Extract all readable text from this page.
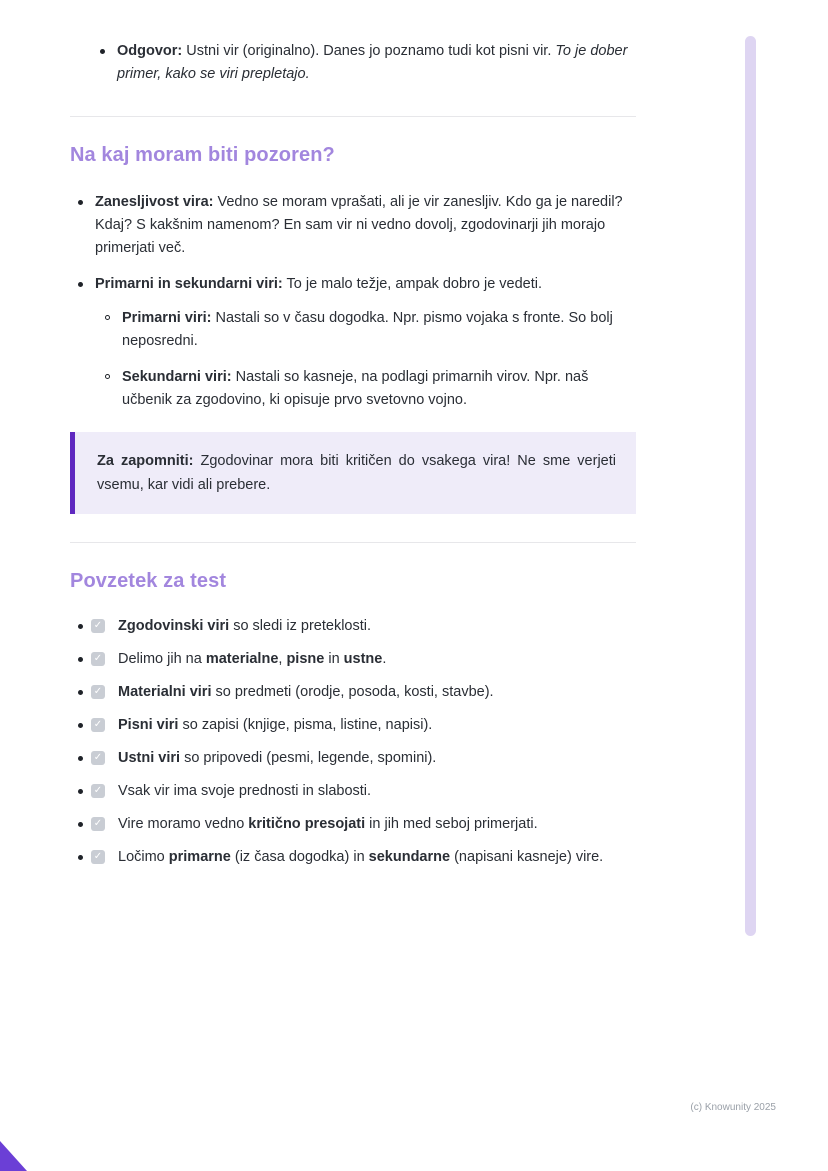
Odgovor: Ustni vir (originalno). Danes jo poznamo tudi kot pisni vir. To je dober primer, kako se viri prepletajo.

Na kaj moram biti pozoren?

Zanesljivost vira: Vedno se moram vprašati, ali je vir zanesljiv. Kdo ga je naredil? Kdaj? S kakšnim namenom? En sam vir ni vedno dovolj, zgodovinarji jih morajo primerjati več.

Primarni in sekundarni viri: To je malo težje, ampak dobro je vedeti.

Primarni viri: Nastali so v času dogodka. Npr. pismo vojaka s fronte. So bolj neposredni.

Sekundarni viri: Nastali so kasneje, na podlagi primarnih virov. Npr. naš učbenik za zgodovino, ki opisuje prvo svetovno vojno.

Za zapomniti: Zgodovinar mora biti kritičen do vsakega vira! Ne sme verjeti vsemu, kar vidi ali prebere.

Povzetek za test
✓ Zgodovinski viri so sledi iz preteklosti.

✓ Delimo jih na materialne, pisne in ustne.

✓ Materialni viri so predmeti (orodje, posoda, kosti, stavbe).

✓ Pisni viri so zapisi (knjige, pisma, listine, napisi).

✓ Ustni viri so pripovedi (pesmi, legende, spomini).

✓ Vsak vir ima svoje prednosti in slabosti.

✓ Vire moramo vedno kritično presojati in jih med seboj primerjati.

✓ Ločimo primarne (iz časa dogodka) in sekundarne (napisani kasneje) vire.

(c) Knowunity 2025
